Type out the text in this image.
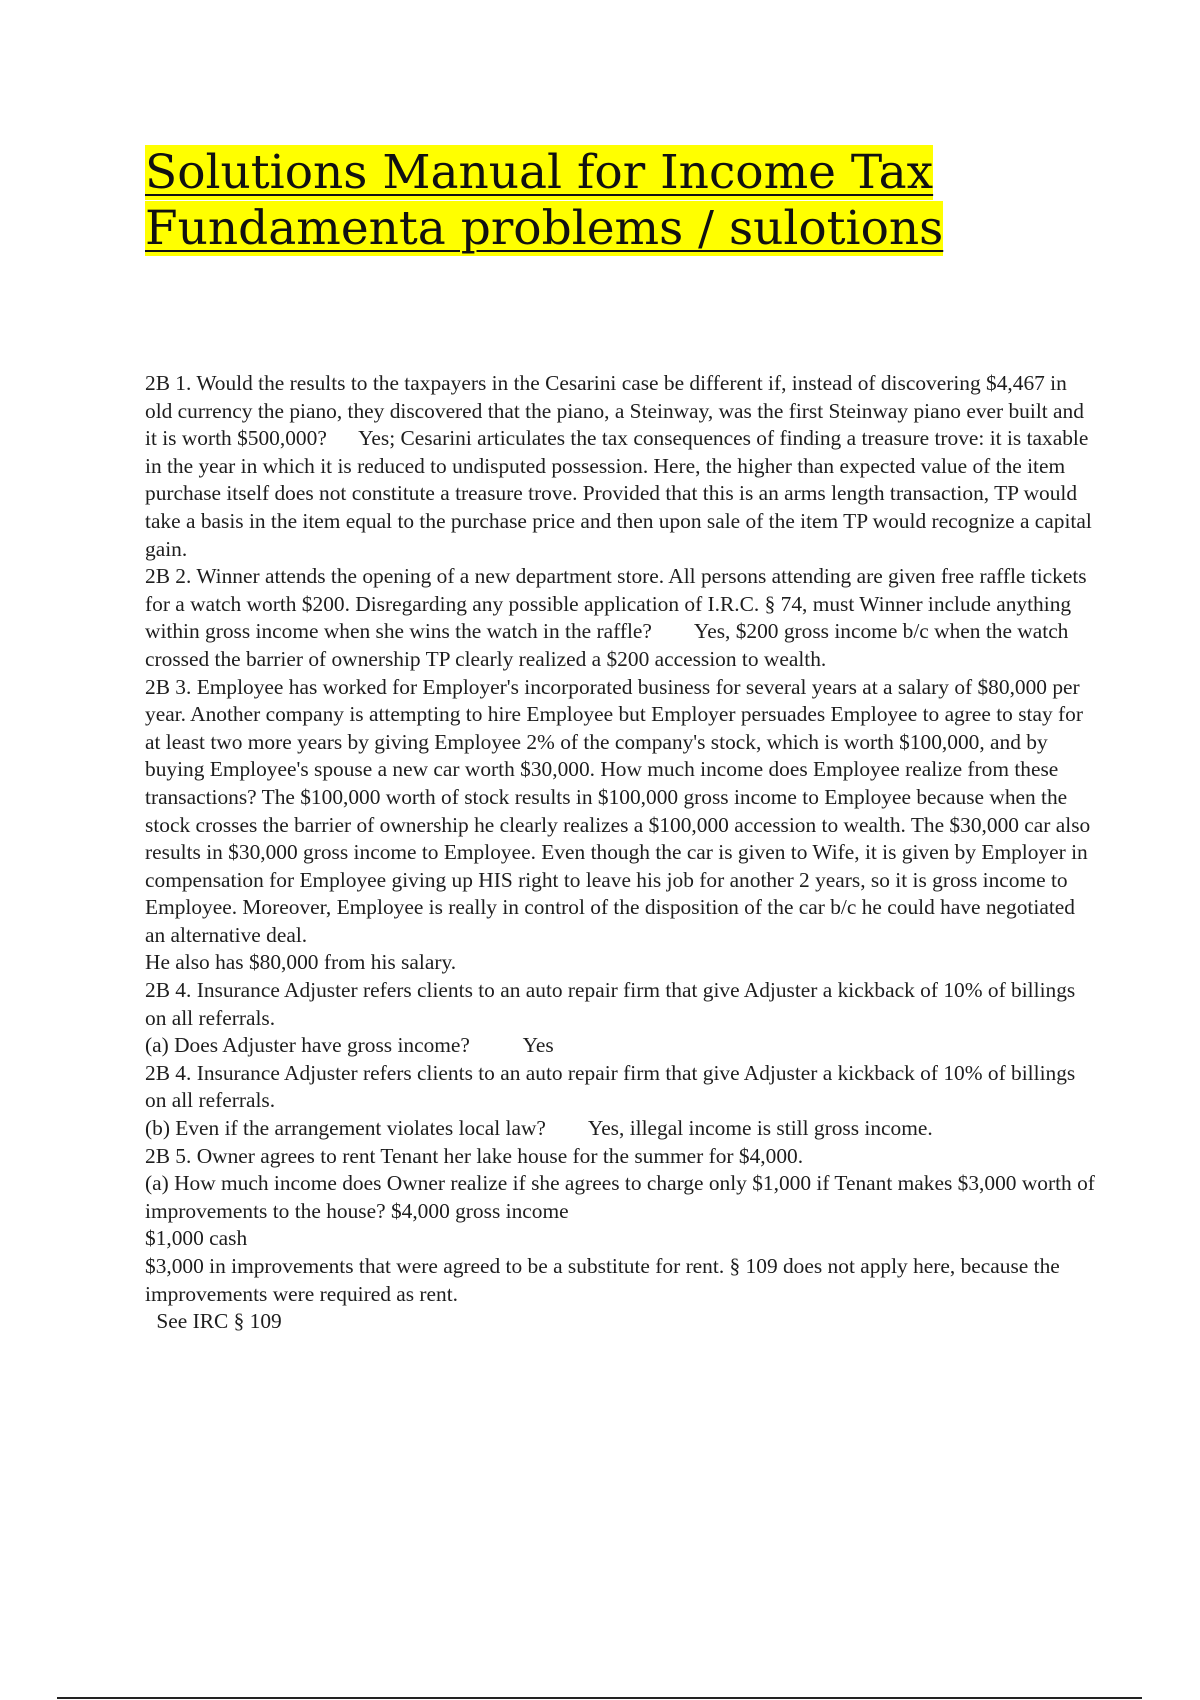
Solutions Manual for Income Tax
Fundamenta problems / sulotions

2B 1. Would the results to the taxpayers in the Cesarini case be different if, instead of discovering $4,467 in old currency the piano, they discovered that the piano, a Steinway, was the first Steinway piano ever built and it is worth $500,000?      Yes; Cesarini articulates the tax consequences of finding a treasure trove: it is taxable in the year in which it is reduced to undisputed possession. Here, the higher than expected value of the item purchase itself does not constitute a treasure trove. Provided that this is an arms length transaction, TP would take a basis in the item equal to the purchase price and then upon sale of the item TP would recognize a capital gain.

2B 2. Winner attends the opening of a new department store. All persons attending are given free raffle tickets for a watch worth $200. Disregarding any possible application of I.R.C. § 74, must Winner include anything within gross income when she wins the watch in the raffle?        Yes, $200 gross income b/c when the watch crossed the barrier of ownership TP clearly realized a $200 accession to wealth.

2B 3. Employee has worked for Employer's incorporated business for several years at a salary of $80,000 per year. Another company is attempting to hire Employee but Employer persuades Employee to agree to stay for at least two more years by giving Employee 2% of the company's stock, which is worth $100,000, and by buying Employee's spouse a new car worth $30,000. How much income does Employee realize from these transactions? The $100,000 worth of stock results in $100,000 gross income to Employee because when the stock crosses the barrier of ownership he clearly realizes a $100,000 accession to wealth. The $30,000 car also results in $30,000 gross income to Employee. Even though the car is given to Wife, it is given by Employer in compensation for Employee giving up HIS right to leave his job for another 2 years, so it is gross income to Employee. Moreover, Employee is really in control of the disposition of the car b/c he could have negotiated an alternative deal.

He also has $80,000 from his salary.

2B 4. Insurance Adjuster refers clients to an auto repair firm that give Adjuster a kickback of 10% of billings on all referrals.

(a) Does Adjuster have gross income?          Yes

2B 4. Insurance Adjuster refers clients to an auto repair firm that give Adjuster a kickback of 10% of billings on all referrals.

(b) Even if the arrangement violates local law?        Yes, illegal income is still gross income.

2B 5. Owner agrees to rent Tenant her lake house for the summer for $4,000.

(a) How much income does Owner realize if she agrees to charge only $1,000 if Tenant makes $3,000 worth of improvements to the house? $4,000 gross income

$1,000 cash

$3,000 in improvements that were agreed to be a substitute for rent. § 109 does not apply here, because the improvements were required as rent.

See IRC § 109
